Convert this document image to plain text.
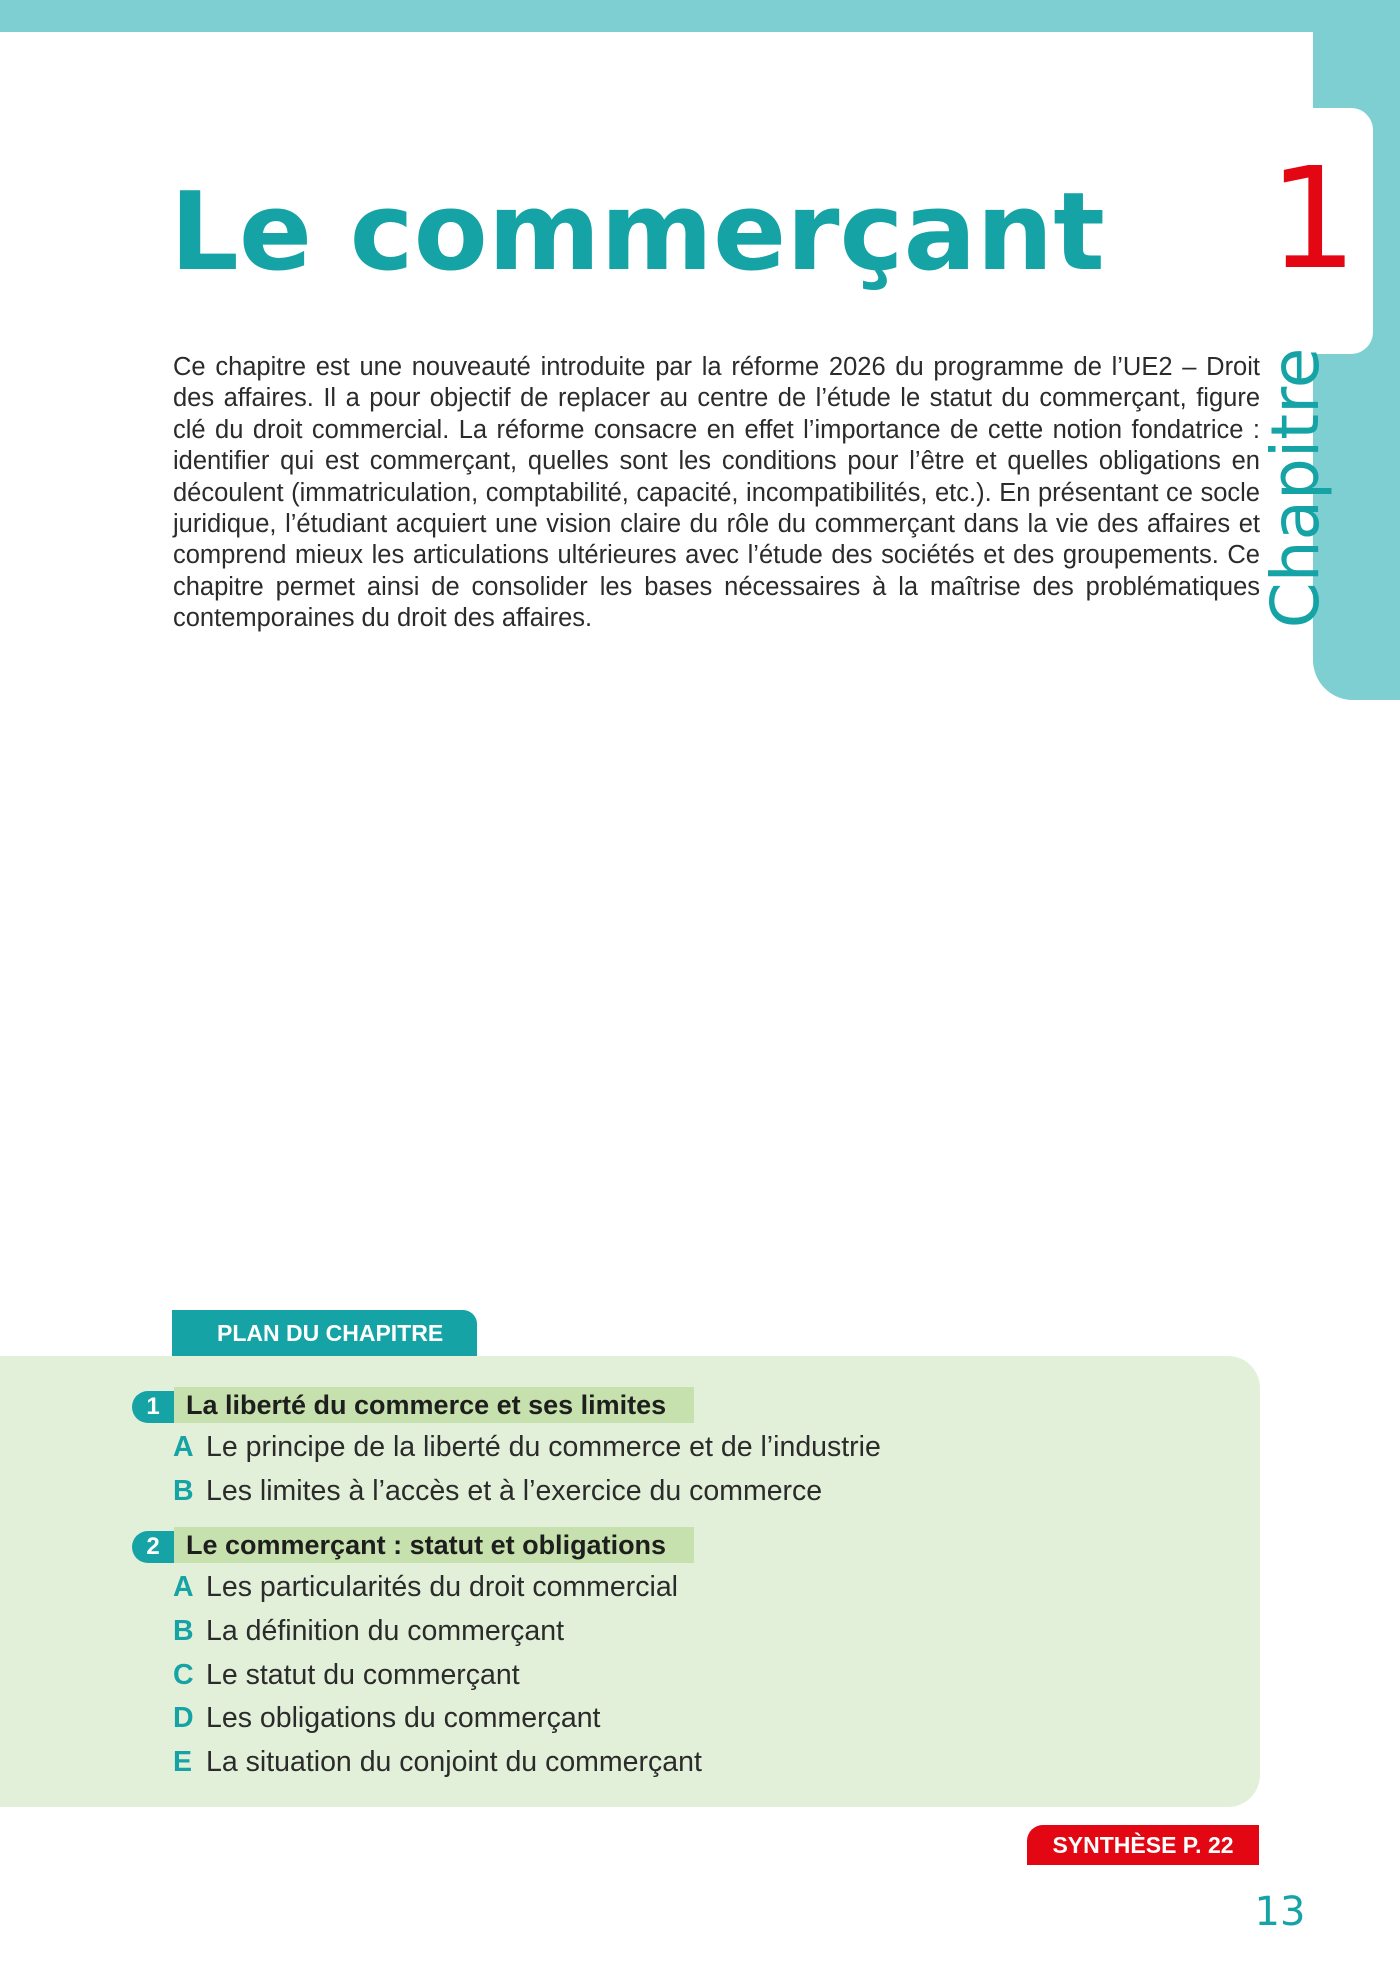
1
Chapitre
Le commerçant

Ce chapitre est une nouveauté introduite par la réforme 2026 du programme de l’UE2 – Droit des affaires. Il a pour objectif de replacer au centre de l’étude le statut du commerçant, figure clé du droit commercial. La réforme consacre en effet l’importance de cette notion fondatrice : identifier qui est commerçant, quelles sont les conditions pour l’être et quelles obligations en découlent (immatriculation, comptabilité, capacité, incompatibilités, etc.). En présentant ce socle juridique, l’étudiant acquiert une vision claire du rôle du commerçant dans la vie des affaires et comprend mieux les articulations ultérieures avec l’étude des sociétés et des groupements. Ce chapitre permet ainsi de consolider les bases nécessaires à la maîtrise des problématiques contemporaines du droit des affaires.

PLAN DU CHAPITRE
1 La liberté du commerce et ses limites
A Le principe de la liberté du commerce et de l’industrie
B Les limites à l’accès et à l’exercice du commerce
2 Le commerçant : statut et obligations
A Les particularités du droit commercial
B La définition du commerçant
C Le statut du commerçant
D Les obligations du commerçant
E La situation du conjoint du commerçant
SYNTHÈSE P. 22
13
